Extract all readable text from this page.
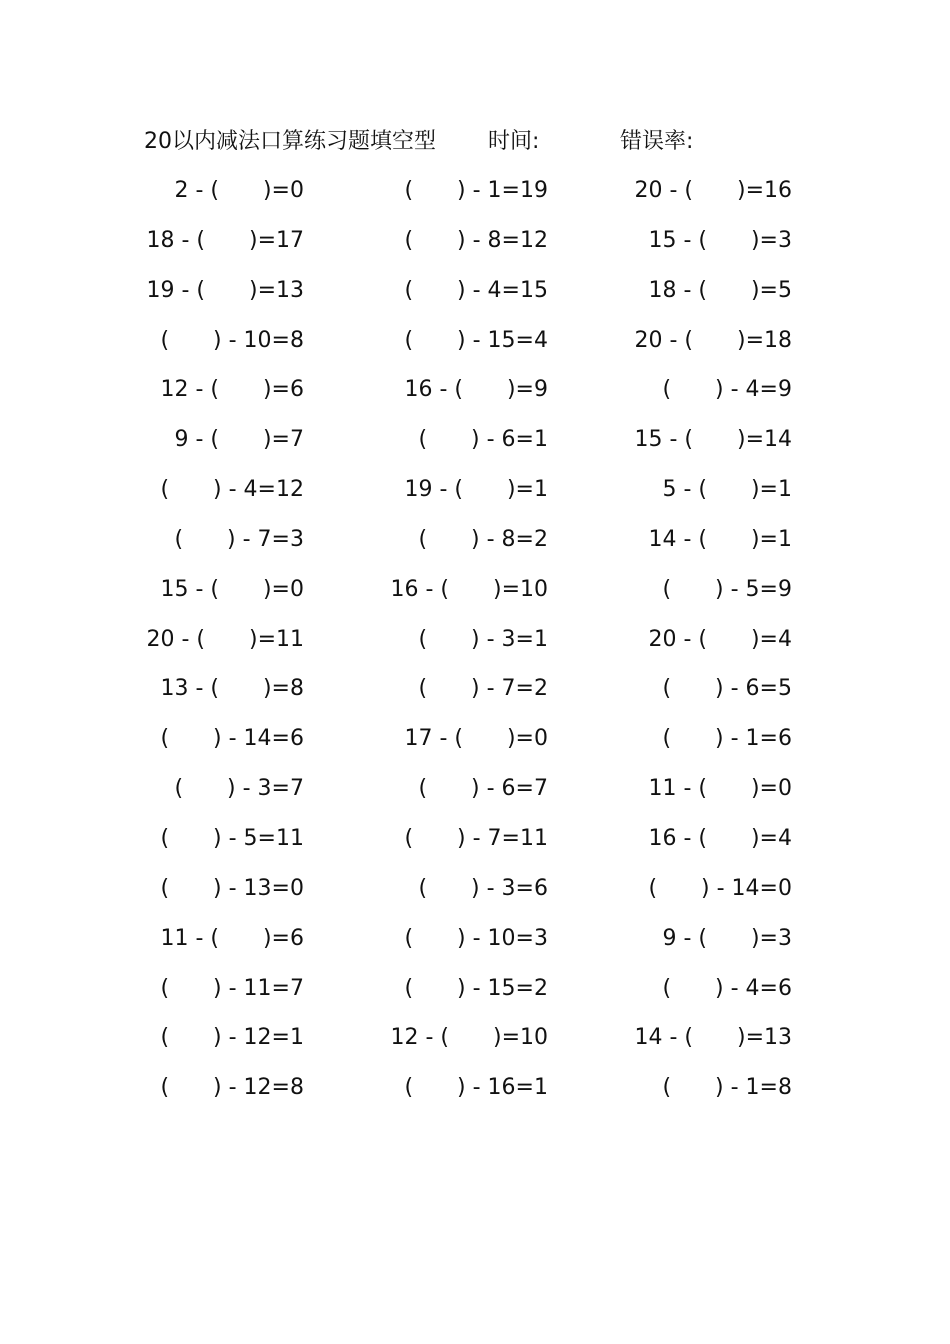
20以内减法口算练习题填空型 时间:	错误率:
2 - (　　)=0	(　　) - 1=19	20 - (　　)=16
18 - (　　)=17	(　　) - 8=12	15 - (　　)=3
19 - (　　)=13	(　　) - 4=15	18 - (　　)=5
(　　) - 10=8	(　　) - 15=4	20 - (　　)=18
12 - (　　)=6	16 - (　　)=9	(　　) - 4=9
9 - (　　)=7	(　　) - 6=1	15 - (　　)=14
(　　) - 4=12	19 - (　　)=1	5 - (　　)=1
(　　) - 7=3	(　　) - 8=2	14 - (　　)=1
15 - (　　)=0	16 - (　　)=10	(　　) - 5=9
20 - (　　)=11	(　　) - 3=1	20 - (　　)=4
13 - (　　)=8	(　　) - 7=2	(　　) - 6=5
(　　) - 14=6	17 - (　　)=0	(　　) - 1=6
(　　) - 3=7	(　　) - 6=7	11 - (　　)=0
(　　) - 5=11	(　　) - 7=11	16 - (　　)=4
(　　) - 13=0	(　　) - 3=6	(　　) - 14=0
11 - (　　)=6	(　　) - 10=3	9 - (　　)=3
(　　) - 11=7	(　　) - 15=2	(　　) - 4=6
(　　) - 12=1	12 - (　　)=10	14 - (　　)=13
(　　) - 12=8	(　　) - 16=1	(　　) - 1=8
